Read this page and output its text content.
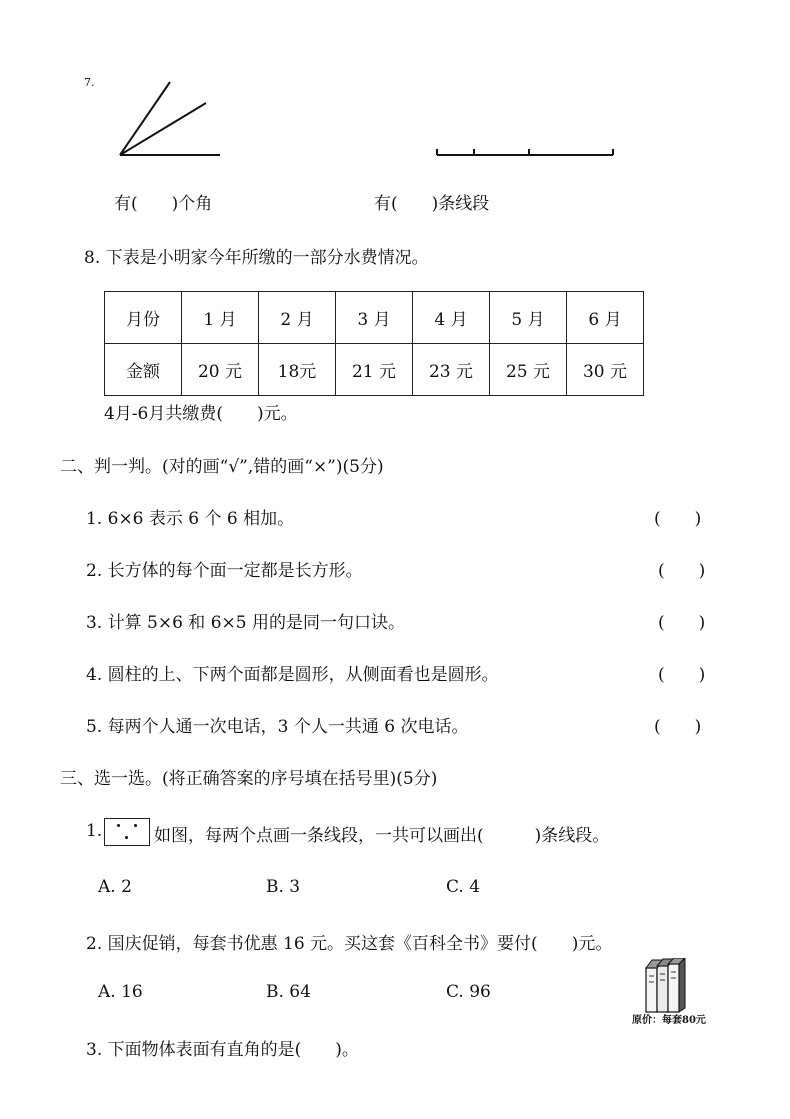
7.
有(　　)个角	有(　　)条线段
8. 下表是小明家今年所缴的一部分水费情况。
月份	1 月	2 月	3 月	4 月	5 月	6 月
金额	20 元	18元	21 元	23 元	25 元	30 元
4月-6月共缴费(　　)元。
二、判一判。(对的画“√”,错的画“×”)(5分)
1. 6×6 表示 6 个 6 相加。	(　　)
2. 长方体的每个面一定都是长方形。	(　　)
3. 计算 5×6 和 6×5 用的是同一句口诀。	(　　)
4. 圆柱的上、下两个面都是圆形，从侧面看也是圆形。	(　　)
5. 每两个人通一次电话，3 个人一共通 6 次电话。	(　　)
三、选一选。(将正确答案的序号填在括号里)(5分)
1.	如图，每两个点画一条线段，一共可以画出(　　　)条线段。
A. 2	B. 3	C. 4
2. 国庆促销，每套书优惠 16 元。买这套《百科全书》要付(　　)元。
A. 16	B. 64	C. 96
原价：每套80元
3. 下面物体表面有直角的是(　　)。
